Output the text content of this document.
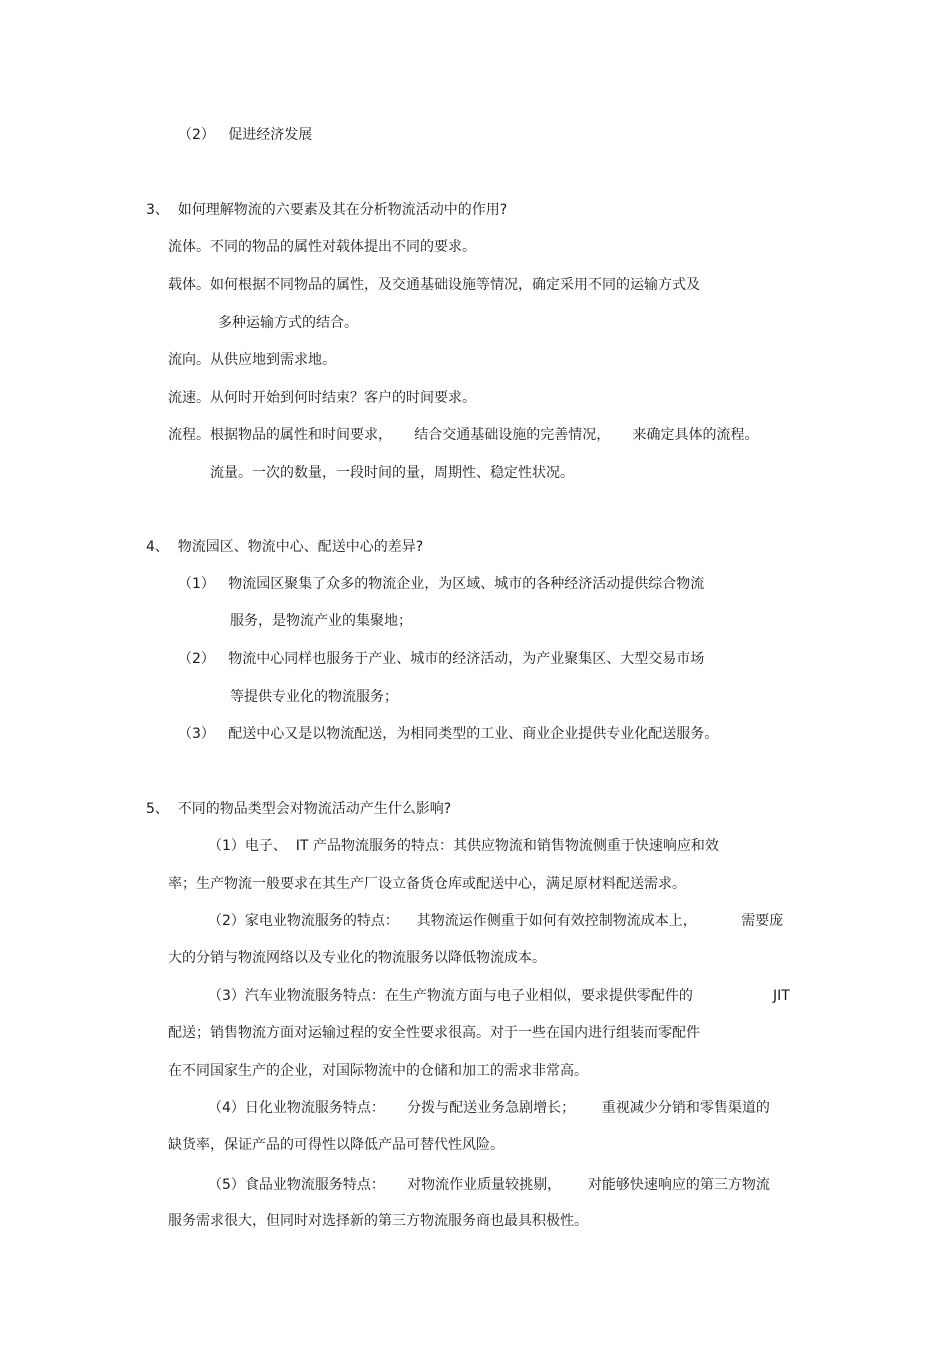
（2）   促进经济发展
3、  如何理解物流的六要素及其在分析物流活动中的作用?
流体。不同的物品的属性对载体提出不同的要求。
载体。如何根据不同物品的属性，及交通基础设施等情况，确定采用不同的运输方式及
多种运输方式的结合。
流向。从供应地到需求地。
流速。从何时开始到何时结束？客户的时间要求。
流程。根据物品的属性和时间要求，     结合交通基础设施的完善情况，     来确定具体的流程。
流量。一次的数量，一段时间的量，周期性、稳定性状况。
4、  物流园区、物流中心、配送中心的差异?
（1）   物流园区聚集了众多的物流企业，为区域、城市的各种经济活动提供综合物流
服务，是物流产业的集聚地；
（2）   物流中心同样也服务于产业、城市的经济活动，为产业聚集区、大型交易市场
等提供专业化的物流服务；
（3）   配送中心又是以物流配送，为相同类型的工业、商业企业提供专业化配送服务。
5、  不同的物品类型会对物流活动产生什么影响?
（1）电子、  IT 产品物流服务的特点：其供应物流和销售物流侧重于快速响应和效
率；生产物流一般要求在其生产厂设立备货仓库或配送中心，满足原材料配送需求。
（2）家电业物流服务的特点：    其物流运作侧重于如何有效控制物流成本上，          需要庞
大的分销与物流网络以及专业化的物流服务以降低物流成本。
（3）汽车业物流服务特点：在生产物流方面与电子业相似，要求提供零配件的                  JIT
配送；销售物流方面对运输过程的安全性要求很高。对于一些在国内进行组装而零配件
在不同国家生产的企业，对国际物流中的仓储和加工的需求非常高。
（4）日化业物流服务特点：     分拨与配送业务急剧增长；      重视减少分销和零售渠道的
缺货率，保证产品的可得性以降低产品可替代性风险。
（5）食品业物流服务特点：     对物流作业质量较挑剔，      对能够快速响应的第三方物流
服务需求很大，但同时对选择新的第三方物流服务商也最具积极性。
